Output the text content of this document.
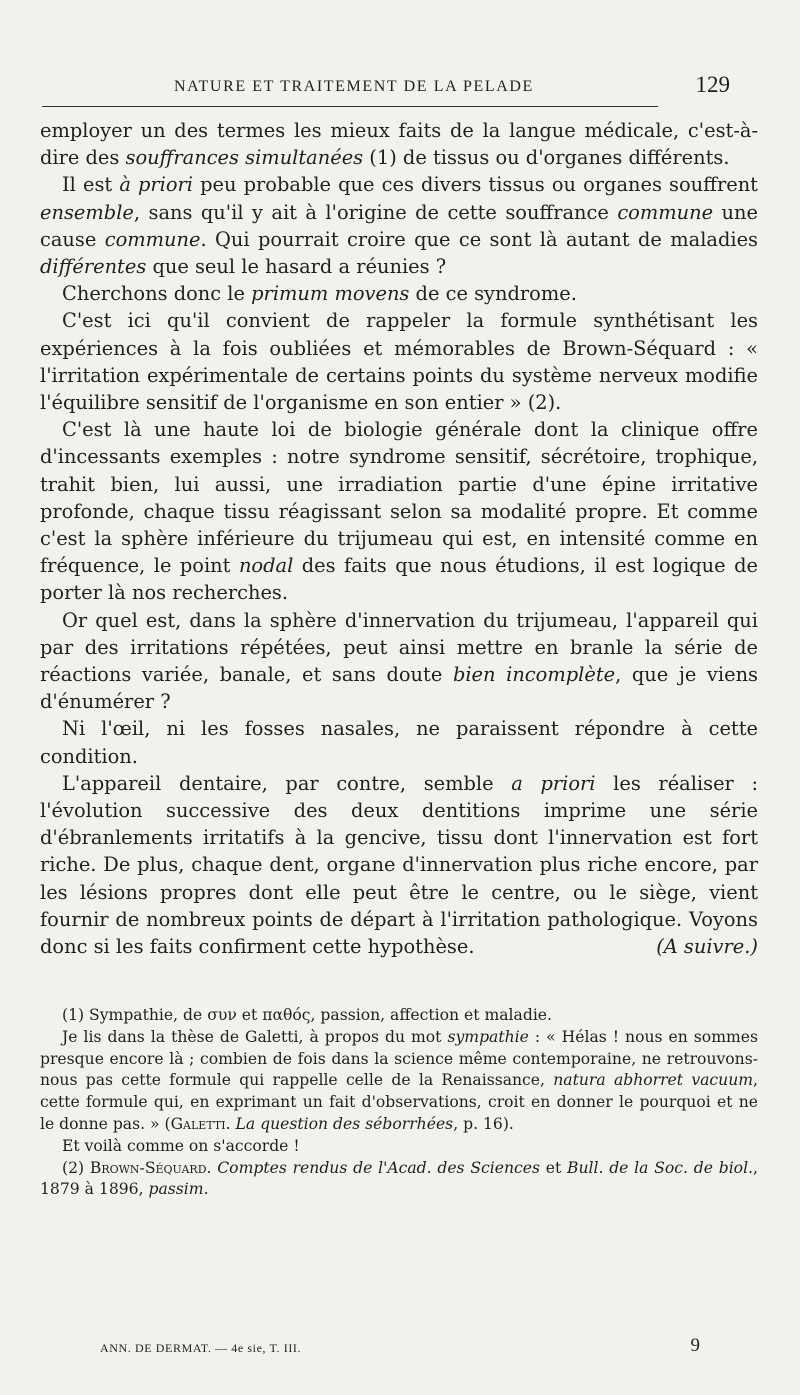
NATURE ET TRAITEMENT DE LA PELADE	129

employer un des termes les mieux faits de la langue médicale, c'est-à-dire des souffrances simultanées (1) de tissus ou d'organes différents.

Il est à priori peu probable que ces divers tissus ou organes souffrent ensemble, sans qu'il y ait à l'origine de cette souffrance commune une cause commune. Qui pourrait croire que ce sont là autant de maladies différentes que seul le hasard a réunies ?

Cherchons donc le primum movens de ce syndrome.

C'est ici qu'il convient de rappeler la formule synthétisant les expériences à la fois oubliées et mémorables de Brown-Séquard : « l'irritation expérimentale de certains points du système nerveux modifie l'équilibre sensitif de l'organisme en son entier » (2).

C'est là une haute loi de biologie générale dont la clinique offre d'incessants exemples : notre syndrome sensitif, sécrétoire, trophique, trahit bien, lui aussi, une irradiation partie d'une épine irritative profonde, chaque tissu réagissant selon sa modalité propre. Et comme c'est la sphère inférieure du trijumeau qui est, en intensité comme en fréquence, le point nodal des faits que nous étudions, il est logique de porter là nos recherches.

Or quel est, dans la sphère d'innervation du trijumeau, l'appareil qui par des irritations répétées, peut ainsi mettre en branle la série de réactions variée, banale, et sans doute bien incomplète, que je viens d'énumérer ?

Ni l'œil, ni les fosses nasales, ne paraissent répondre à cette condition.

L'appareil dentaire, par contre, semble a priori les réaliser : l'évolution successive des deux dentitions imprime une série d'ébranlements irritatifs à la gencive, tissu dont l'innervation est fort riche. De plus, chaque dent, organe d'innervation plus riche encore, par les lésions propres dont elle peut être le centre, ou le siège, vient fournir de nombreux points de départ à l'irritation pathologique. Voyons donc si les faits confirment cette hypothèse.	(A suivre.)

(1) Sympathie, de συν et παθός, passion, affection et maladie.

Je lis dans la thèse de Galetti, à propos du mot sympathie : « Hélas ! nous en sommes presque encore là ; combien de fois dans la science même contemporaine, ne retrouvons-nous pas cette formule qui rappelle celle de la Renaissance, natura abhorret vacuum, cette formule qui, en exprimant un fait d'observations, croit en donner le pourquoi et ne le donne pas. » (Galetti. La question des séborrhées, p. 16).

Et voilà comme on s'accorde !

(2) Brown-Séquard. Comptes rendus de l'Acad. des Sciences et Bull. de la Soc. de biol., 1879 à 1896, passim.

ANN. DE DERMAT. — 4e sie, T. III.	9
